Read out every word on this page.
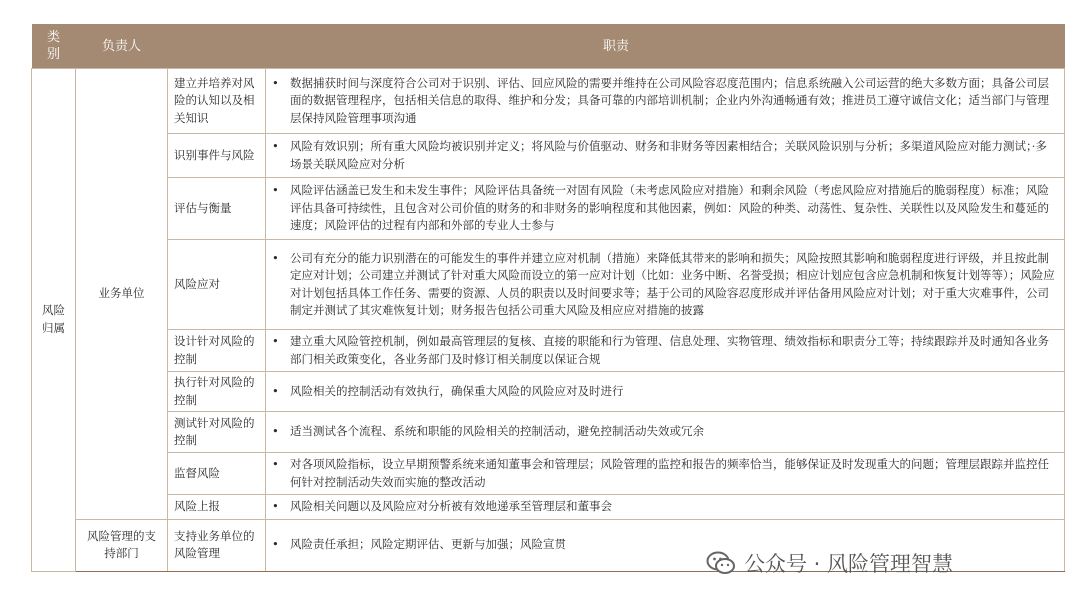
类别	负责人	职责	
风险归属	业务单位	建立并培养对风险的认知以及相关知识	• 数据捕获时间与深度符合公司对于识别、评估、回应风险的需要并维持在公司风险容忍度范围内；信息系统融入公司运营的绝大多数方面；具备公司层面的数据管理程序，包括相关信息的取得、维护和分发；具备可靠的内部培训机制；企业内外沟通畅通有效；推进员工遵守诚信文化；适当部门与管理层保持风险管理事项沟通

		识别事件与风险	• 风险有效识别；所有重大风险均被识别并定义；将风险与价值驱动、财务和非财务等因素相结合；关联风险识别与分析；多渠道风险应对能力测试；·多场景关联风险应对分析

		评估与衡量	• 风险评估涵盖已发生和未发生事件；风险评估具备统一对固有风险（未考虑风险应对措施）和剩余风险（考虑风险应对措施后的脆弱程度）标准；风险评估具备可持续性，且包含对公司价值的财务的和非财务的影响程度和其他因素，例如：风险的种类、动荡性、复杂性、关联性以及风险发生和蔓延的速度；风险评估的过程有内部和外部的专业人士参与

		风险应对	• 公司有充分的能力识别潜在的可能发生的事件并建立应对机制（措施）来降低其带来的影响和损失；风险按照其影响和脆弱程度进行评级，并且按此制定应对计划；公司建立并测试了针对重大风险而设立的第一应对计划（比如：业务中断、名誉受损；相应计划应包含应急机制和恢复计划等等）；风险应对计划包括具体工作任务、需要的资源、人员的职责以及时间要求等；基于公司的风险容忍度形成并评估备用风险应对计划；对于重大灾难事件，公司制定并测试了其灾难恢复计划；财务报告包括公司重大风险及相应应对措施的披露

		设计针对风险的控制	• 建立重大风险管控机制，例如最高管理层的复核、直接的职能和行为管理、信息处理、实物管理、绩效指标和职责分工等；持续跟踪并及时通知各业务部门相关政策变化，各业务部门及时修订相关制度以保证合规

		执行针对风险的控制	• 风险相关的控制活动有效执行，确保重大风险的风险应对及时进行

		测试针对风险的控制	• 适当测试各个流程、系统和职能的风险相关的控制活动，避免控制活动失效或冗余

		监督风险	• 对各项风险指标，设立早期预警系统来通知董事会和管理层；风险管理的监控和报告的频率恰当，能够保证及时发现重大的问题；管理层跟踪并监控任何针对控制活动失效而实施的整改活动

		风险上报	• 风险相关问题以及风险应对分析被有效地递承至管理层和董事会

	风险管理的支持部门	支持业务单位的风险管理	• 风险责任承担；风险定期评估、更新与加强；风险宣贯
公众号 · 风险管理智慧
